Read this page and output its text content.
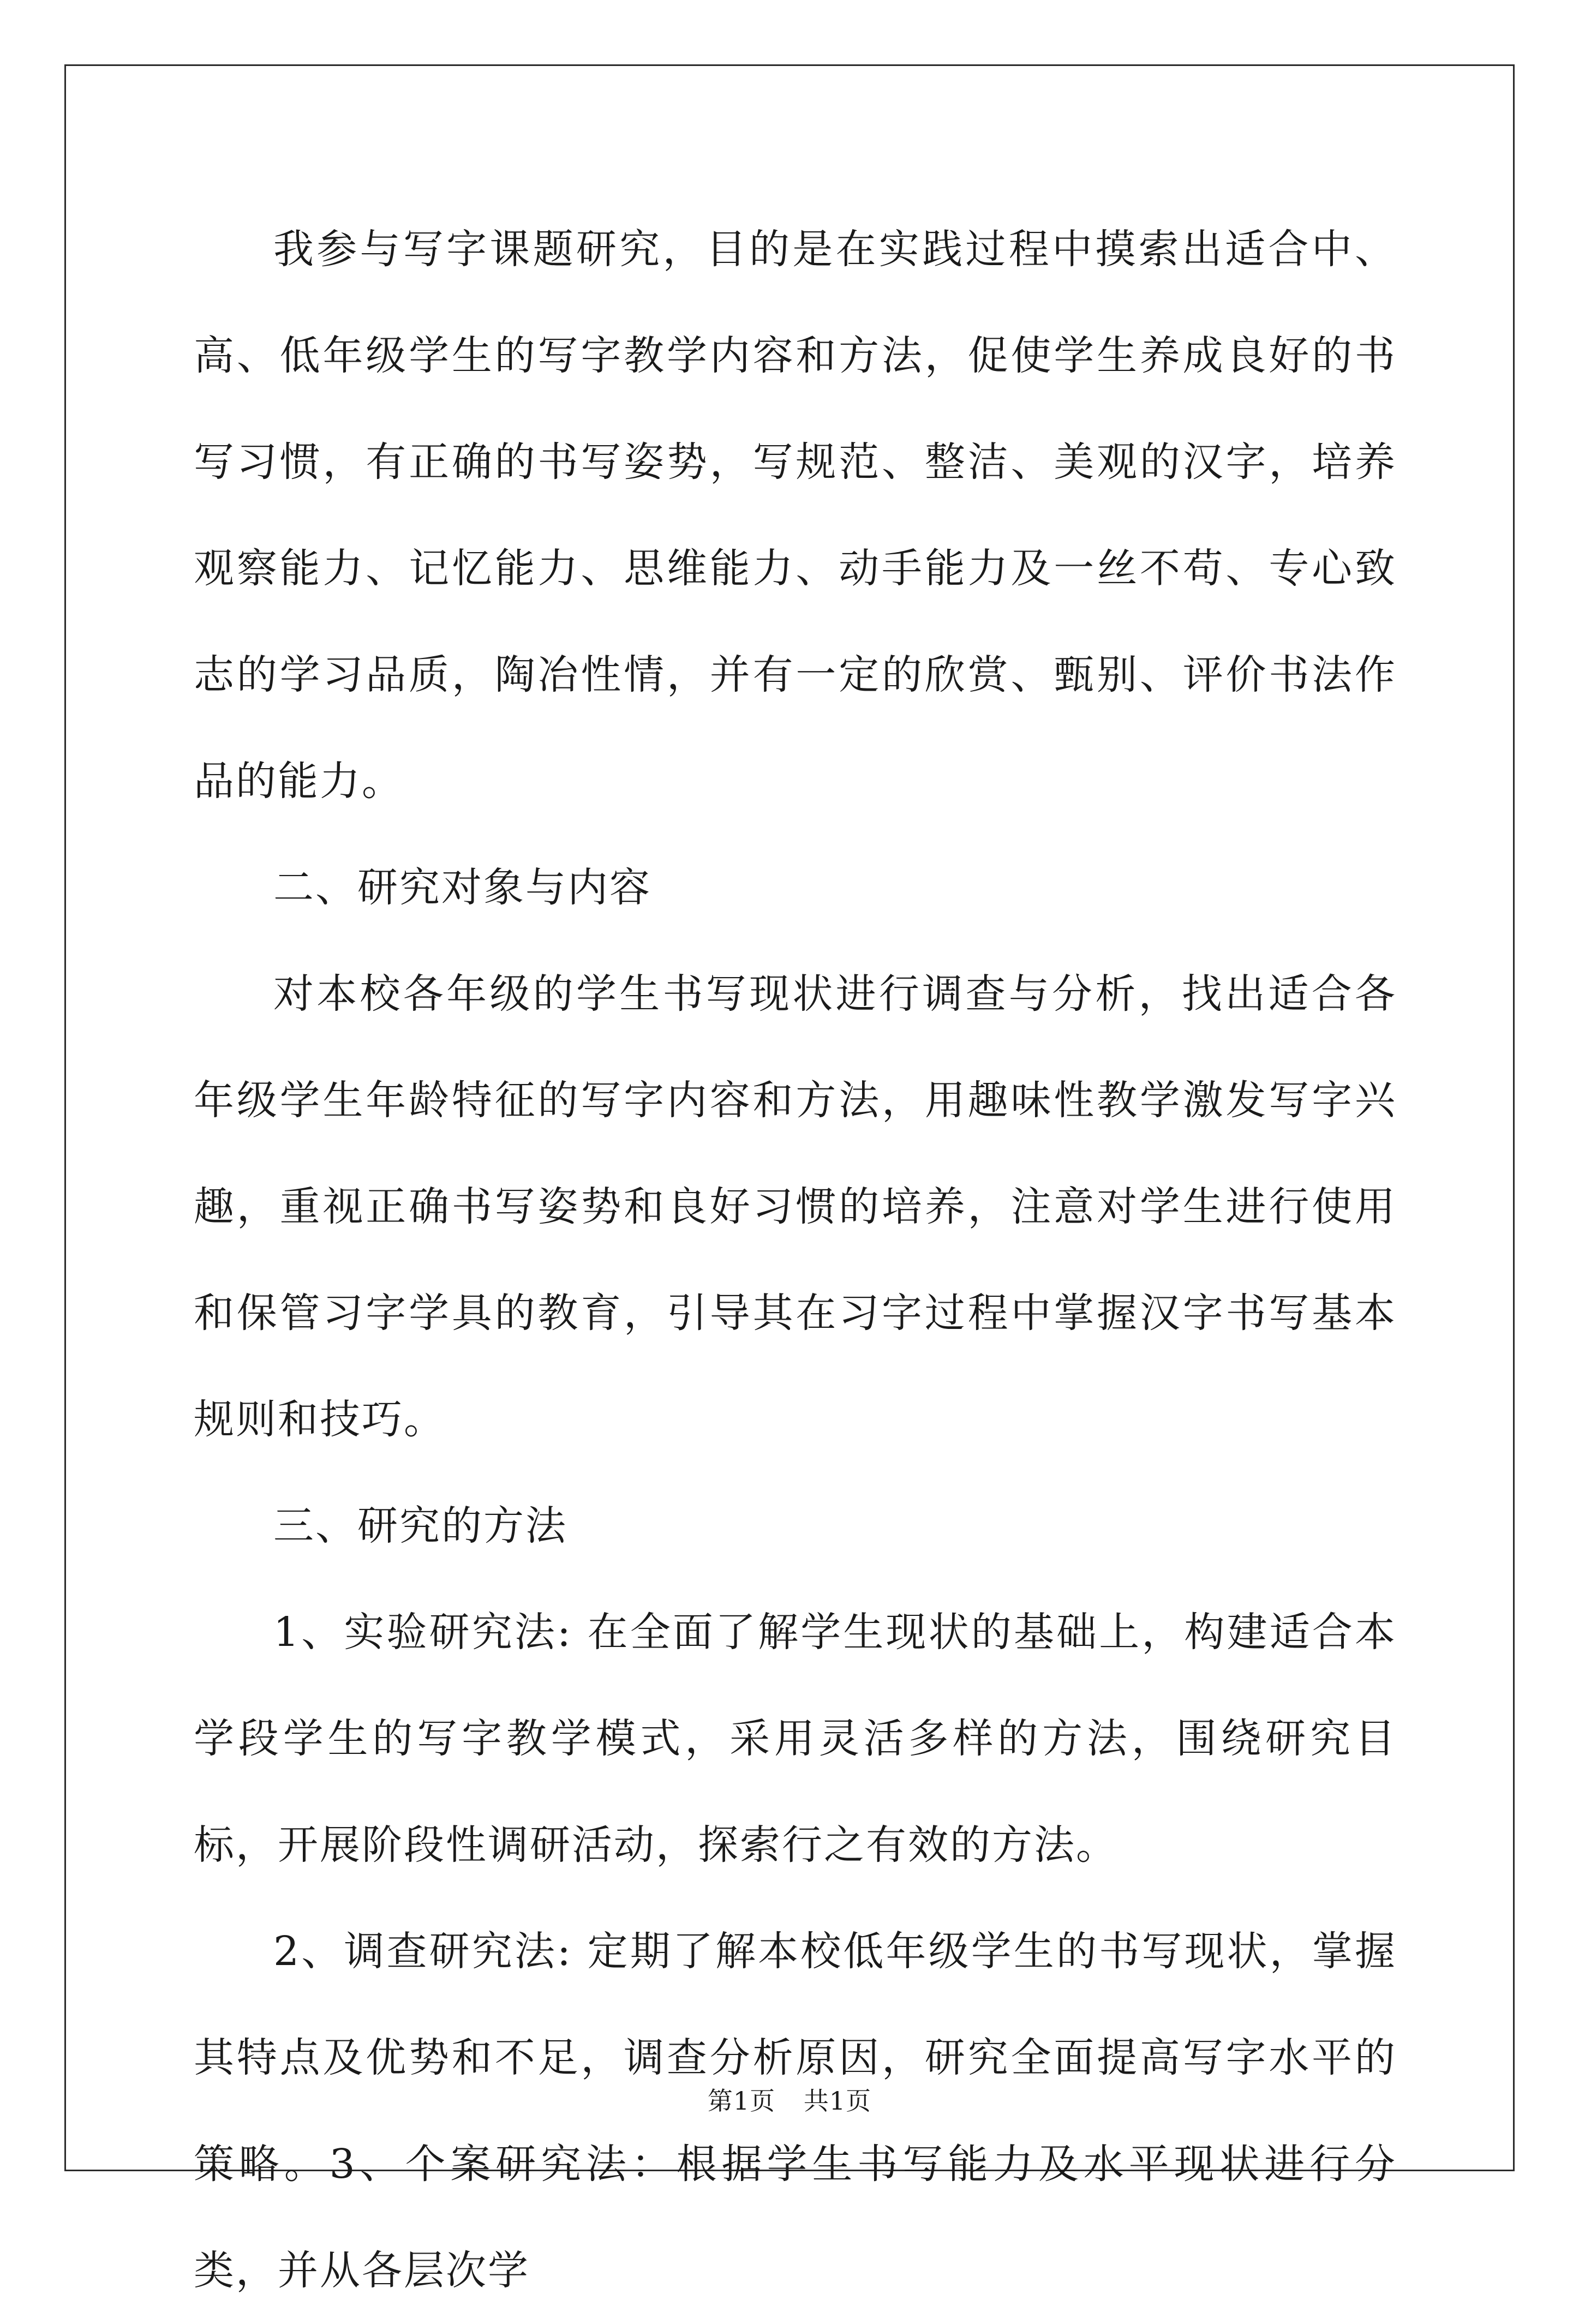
我参与写字课题研究，目的是在实践过程中摸索出适合中、高、低年级学生的写字教学内容和方法，促使学生养成良好的书写习惯，有正确的书写姿势，写规范、整洁、美观的汉字，培养观察能力、记忆能力、思维能力、动手能力及一丝不苟、专心致志的学习品质，陶冶性情，并有一定的欣赏、甄别、评价书法作品的能力。

二、研究对象与内容

对本校各年级的学生书写现状进行调查与分析，找出适合各年级学生年龄特征的写字内容和方法，用趣味性教学激发写字兴趣，重视正确书写姿势和良好习惯的培养，注意对学生进行使用和保管习字学具的教育，引导其在习字过程中掌握汉字书写基本规则和技巧。

三、研究的方法

1、实验研究法: 在全面了解学生现状的基础上，构建适合本学段学生的写字教学模式，采用灵活多样的方法，围绕研究目标，开展阶段性调研活动，探索行之有效的方法。

2、调查研究法: 定期了解本校低年级学生的书写现状，掌握其特点及优势和不足，调查分析原因，研究全面提高写字水平的策略。3、个案研究法：根据学生书写能力及水平现状进行分类，并从各层次学

第1页 共1页
